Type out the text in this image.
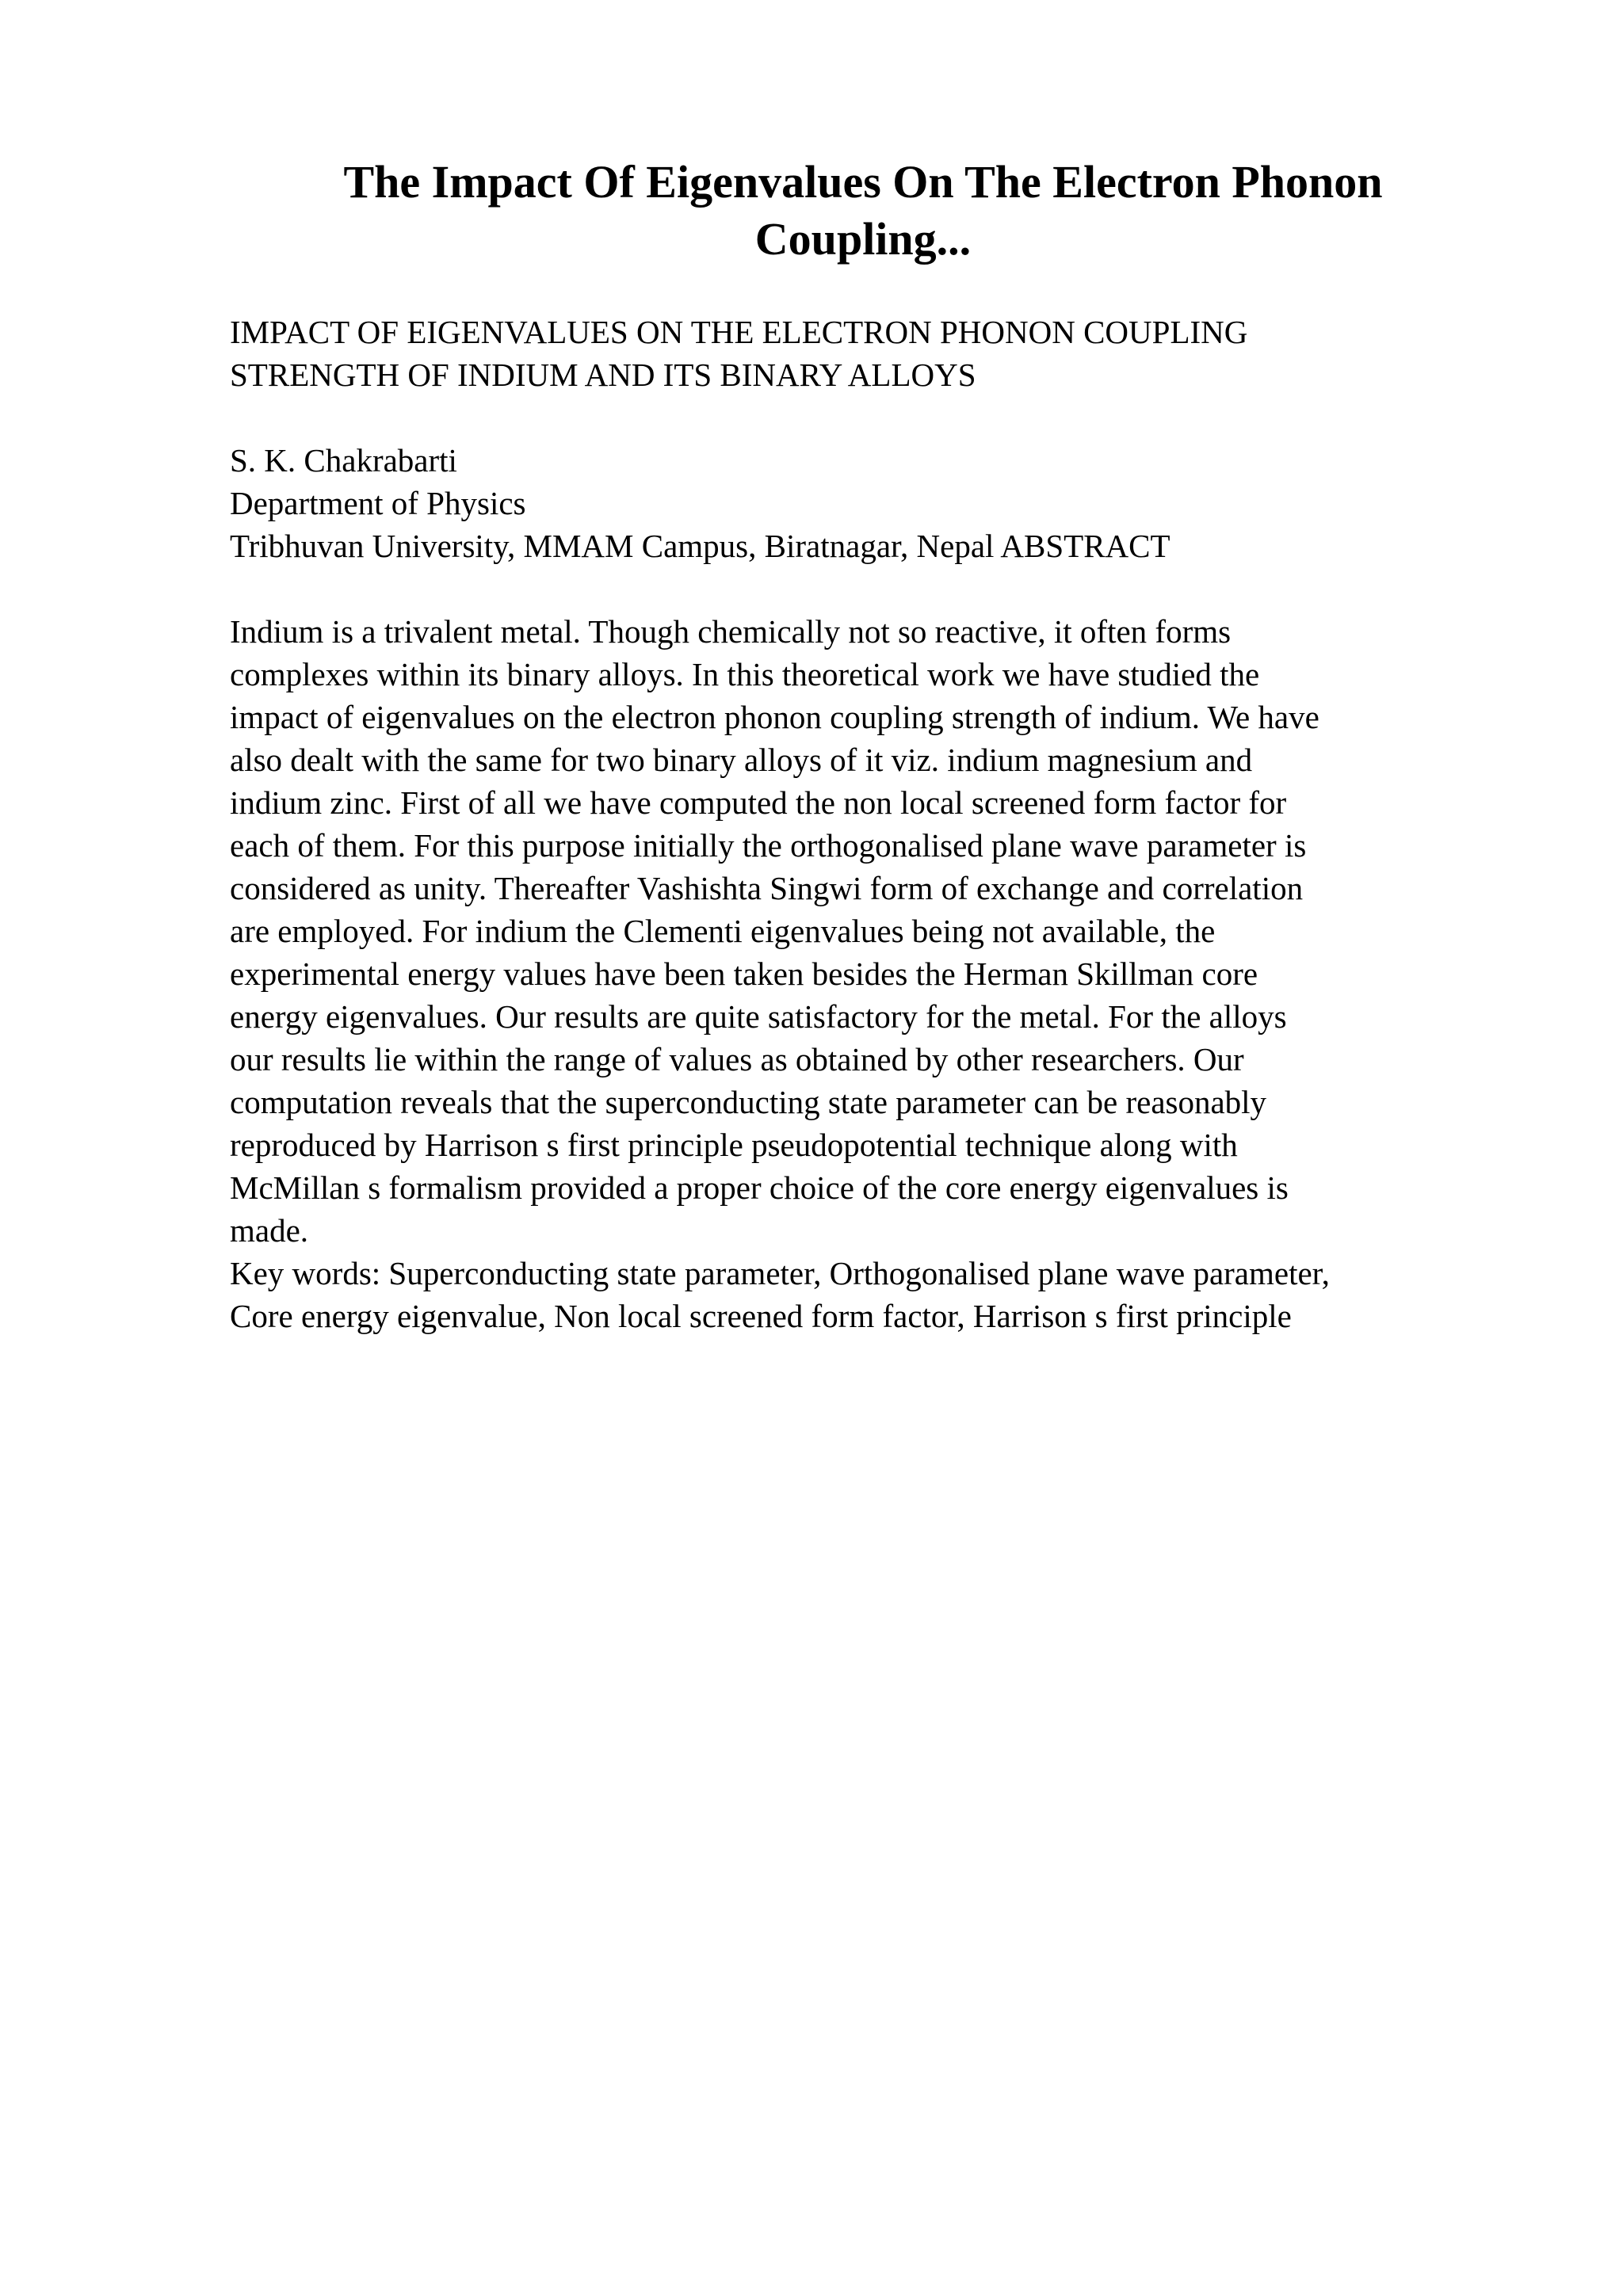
The Impact Of Eigenvalues On The Electron Phonon
Coupling...
IMPACT OF EIGENVALUES ON THE ELECTRON PHONON COUPLING
STRENGTH OF INDIUM AND ITS BINARY ALLOYS
S. K. Chakrabarti
Department of Physics
Tribhuvan University, MMAM Campus, Biratnagar, Nepal ABSTRACT
Indium is a trivalent metal. Though chemically not so reactive, it often forms
complexes within its binary alloys. In this theoretical work we have studied the
impact of eigenvalues on the electron phonon coupling strength of indium. We have
also dealt with the same for two binary alloys of it viz. indium magnesium and
indium zinc. First of all we have computed the non local screened form factor for
each of them. For this purpose initially the orthogonalised plane wave parameter is
considered as unity. Thereafter Vashishta Singwi form of exchange and correlation
are employed. For indium the Clementi eigenvalues being not available, the
experimental energy values have been taken besides the Herman Skillman core
energy eigenvalues. Our results are quite satisfactory for the metal. For the alloys
our results lie within the range of values as obtained by other researchers. Our
computation reveals that the superconducting state parameter can be reasonably
reproduced by Harrison s first principle pseudopotential technique along with
McMillan s formalism provided a proper choice of the core energy eigenvalues is
made.
Key words: Superconducting state parameter, Orthogonalised plane wave parameter,
Core energy eigenvalue, Non local screened form factor, Harrison s first principle
